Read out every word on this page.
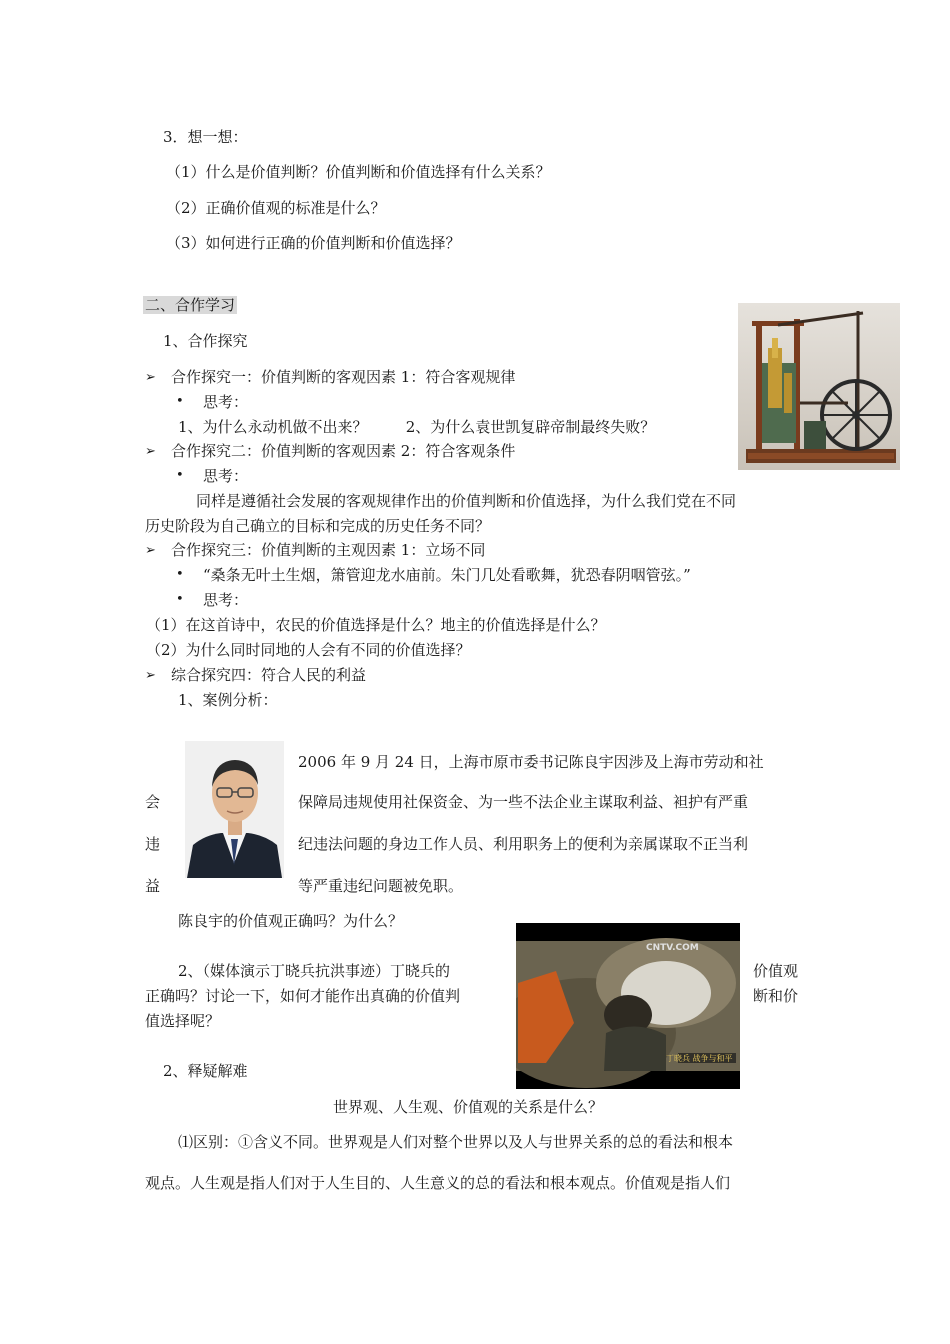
3．想一想：
（1）什么是价值判断？价值判断和价值选择有什么关系？
（2）正确价值观的标准是什么？
（3）如何进行正确的价值判断和价值选择？
二、合作学习
1、合作探究
➢ 合作探究一：价值判断的客观因素 1：符合客观规律
• 思考：
1、为什么永动机做不出来？        2、为什么袁世凯复辟帝制最终失败？
➢ 合作探究二：价值判断的客观因素 2：符合客观条件
• 思考：
同样是遵循社会发展的客观规律作出的价值判断和价值选择，为什么我们党在不同
历史阶段为自己确立的目标和完成的历史任务不同？
➢ 合作探究三：价值判断的主观因素 1：立场不同
• “桑条无叶土生烟，箫管迎龙水庙前。朱门几处看歌舞，犹恐春阴咽管弦。”
• 思考：
（1）在这首诗中，农民的价值选择是什么？地主的价值选择是什么？
（2）为什么同时同地的人会有不同的价值选择？
➢ 综合探究四：符合人民的利益
1、案例分析：
2006 年 9 月 24 日，上海市原市委书记陈良宇因涉及上海市劳动和社
会	保障局违规使用社保资金、为一些不法企业主谋取利益、袒护有严重
违	纪违法问题的身边工作人员、利用职务上的便利为亲属谋取不正当利
益	等严重违纪问题被免职。
陈良宇的价值观正确吗？为什么？
CNTV.COM
丁晓兵 战争与和平
2、（媒体演示丁晓兵抗洪事迹）丁晓兵的	价值观
正确吗？讨论一下，如何才能作出真确的价值判	断和价
值选择呢？
2、释疑解难
世界观、人生观、价值观的关系是什么？
⑴区别：①含义不同。世界观是人们对整个世界以及人与世界关系的总的看法和根本
观点。人生观是指人们对于人生目的、人生意义的总的看法和根本观点。价值观是指人们
